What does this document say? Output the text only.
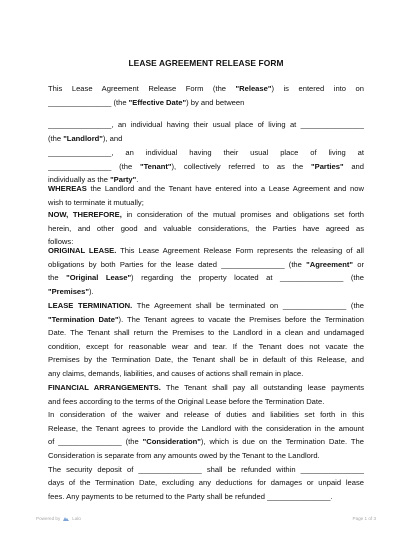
LEASE AGREEMENT RELEASE FORM
This Lease Agreement Release Form (the "Release") is entered into on
_______________ (the "Effective Date") by and between
_______________, an individual having their usual place of living at _______________
(the "Landlord"), and
_______________, an individual having their usual place of living at
_______________ (the "Tenant"), collectively referred to as the "Parties" and
individually as the "Party".
WHEREAS the Landlord and the Tenant have entered into a Lease Agreement and now
wish to terminate it mutually;
NOW, THEREFORE, in consideration of the mutual promises and obligations set forth
herein, and other good and valuable considerations, the Parties have agreed as
follows:
ORIGINAL LEASE. This Lease Agreement Release Form represents the releasing of all
obligations by both Parties for the lease dated _______________ (the "Agreement" or
the "Original Lease") regarding the property located at _______________ (the
"Premises").
LEASE TERMINATION. The Agreement shall be terminated on _______________ (the
"Termination Date"). The Tenant agrees to vacate the Premises before the Termination
Date. The Tenant shall return the Premises to the Landlord in a clean and undamaged
condition, except for reasonable wear and tear. If the Tenant does not vacate the
Premises by the Termination Date, the Tenant shall be in default of this Release, and
any claims, demands, liabilities, and causes of actions shall remain in place.
FINANCIAL ARRANGEMENTS. The Tenant shall pay all outstanding lease payments
and fees according to the terms of the Original Lease before the Termination Date.
In consideration of the waiver and release of duties and liabilities set forth in this
Release, the Tenant agrees to provide the Landlord with the consideration in the amount
of _______________ (the "Consideration"), which is due on the Termination Date. The
Consideration is separate from any amounts owed by the Tenant to the Landlord.
The security deposit of _______________ shall be refunded within _______________
days of the Termination Date, excluding any deductions for damages or unpaid lease
fees. Any payments to be returned to the Party shall be refunded _______________.
Powered by	Lalo	Page 1 of 3
